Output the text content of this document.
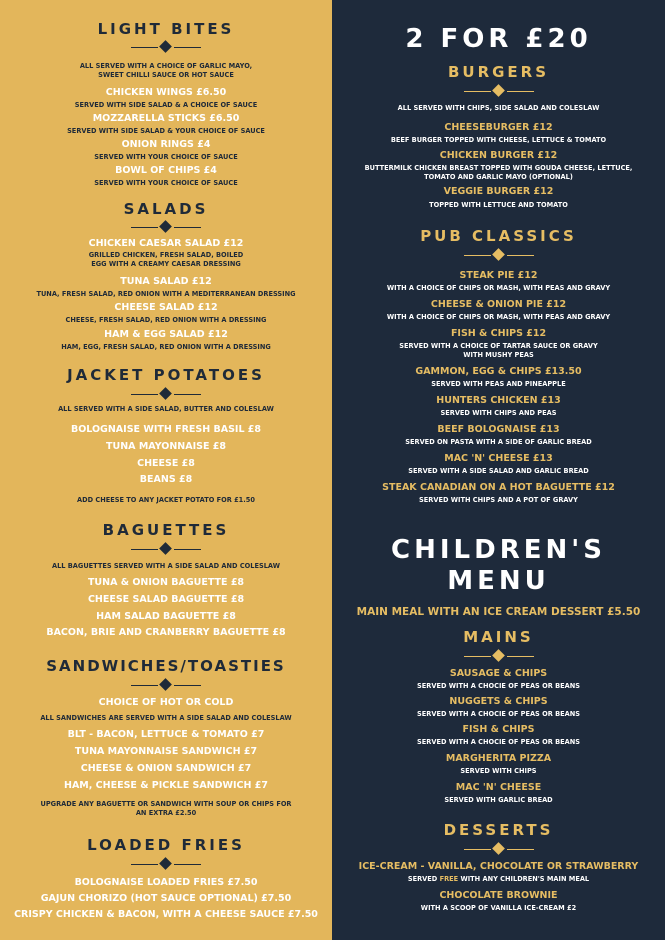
LIGHT BITES

ALL SERVED WITH A CHOICE OF GARLIC MAYO, SWEET CHILLI SAUCE OR HOT SAUCE

CHICKEN WINGS £6.50

SERVED WITH SIDE SALAD & A CHOICE OF SAUCE

MOZZARELLA STICKS £6.50

SERVED WITH SIDE SALAD & YOUR CHOICE OF SAUCE

ONION RINGS £4

SERVED WITH YOUR CHOICE OF SAUCE

BOWL OF CHIPS £4

SERVED WITH YOUR CHOICE OF SAUCE

SALADS

CHICKEN CAESAR SALAD £12

GRILLED CHICKEN, FRESH SALAD, BOILED EGG WITH A CREAMY CAESAR DRESSING

TUNA SALAD £12

TUNA, FRESH SALAD, RED ONION WITH A MEDITERRANEAN DRESSING

CHEESE SALAD £12

CHEESE, FRESH SALAD, RED ONION WITH A DRESSING

HAM & EGG SALAD £12

HAM, EGG, FRESH SALAD, RED ONION WITH A DRESSING

JACKET POTATOES

ALL SERVED WITH A SIDE SALAD, BUTTER AND COLESLAW

BOLOGNAISE WITH FRESH BASIL £8

TUNA MAYONNAISE £8

CHEESE £8

BEANS £8

ADD CHEESE TO ANY JACKET POTATO FOR £1.50

BAGUETTES

ALL BAGUETTES SERVED WITH A SIDE SALAD AND COLESLAW

TUNA & ONION BAGUETTE £8

CHEESE SALAD BAGUETTE £8

HAM SALAD BAGUETTE £8

BACON, BRIE AND CRANBERRY BAGUETTE £8

SANDWICHES/TOASTIES

CHOICE OF HOT OR COLD

ALL SANDWICHES ARE SERVED WITH A SIDE SALAD AND COLESLAW

BLT - BACON, LETTUCE & TOMATO £7

TUNA MAYONNAISE SANDWICH £7

CHEESE & ONION SANDWICH £7

HAM, CHEESE & PICKLE SANDWICH £7

UPGRADE ANY BAGUETTE OR SANDWICH WITH SOUP OR CHIPS FOR AN EXTRA £2.50

LOADED FRIES

BOLOGNAISE LOADED FRIES £7.50

GAJUN CHORIZO (HOT SAUCE OPTIONAL) £7.50

CRISPY CHICKEN & BACON, WITH A CHEESE SAUCE £7.50

2 FOR £20

BURGERS

ALL SERVED WITH CHIPS, SIDE SALAD AND COLESLAW

CHEESEBURGER £12

BEEF BURGER TOPPED WITH CHEESE, LETTUCE & TOMATO

CHICKEN BURGER £12

BUTTERMILK CHICKEN BREAST TOPPED WITH GOUDA CHEESE, LETTUCE, TOMATO AND GARLIC MAYO (OPTIONAL)

VEGGIE BURGER £12

TOPPED WITH LETTUCE AND TOMATO

PUB CLASSICS

STEAK PIE £12

WITH A CHOICE OF CHIPS OR MASH, WITH PEAS AND GRAVY

CHEESE & ONION PIE £12

WITH A CHOICE OF CHIPS OR MASH, WITH PEAS AND GRAVY

FISH & CHIPS £12

SERVED WITH A CHOICE OF TARTAR SAUCE OR GRAVY WITH MUSHY PEAS

GAMMON, EGG & CHIPS £13.50

SERVED WITH PEAS AND PINEAPPLE

HUNTERS CHICKEN £13

SERVED WITH CHIPS AND PEAS

BEEF BOLOGNAISE £13

SERVED ON PASTA WITH A SIDE OF GARLIC BREAD

MAC 'N' CHEESE £13

SERVED WITH A SIDE SALAD AND GARLIC BREAD

STEAK CANADIAN ON A HOT BAGUETTE £12

SERVED WITH CHIPS AND A POT OF GRAVY

CHILDREN'S

MENU

MAIN MEAL WITH AN ICE CREAM DESSERT £5.50

MAINS

SAUSAGE & CHIPS

SERVED WITH A CHOCIE OF PEAS OR BEANS

NUGGETS & CHIPS

SERVED WITH A CHOCIE OF PEAS OR BEANS

FISH & CHIPS

SERVED WITH A CHOCIE OF PEAS OR BEANS

MARGHERITA PIZZA

SERVED WITH CHIPS

MAC 'N' CHEESE

SERVED WITH GARLIC BREAD

DESSERTS

ICE-CREAM - VANILLA, CHOCOLATE OR STRAWBERRY

SERVED FREE WITH ANY CHILDREN'S MAIN MEAL

CHOCOLATE BROWNIE

WITH A SCOOP OF VANILLA ICE-CREAM £2
